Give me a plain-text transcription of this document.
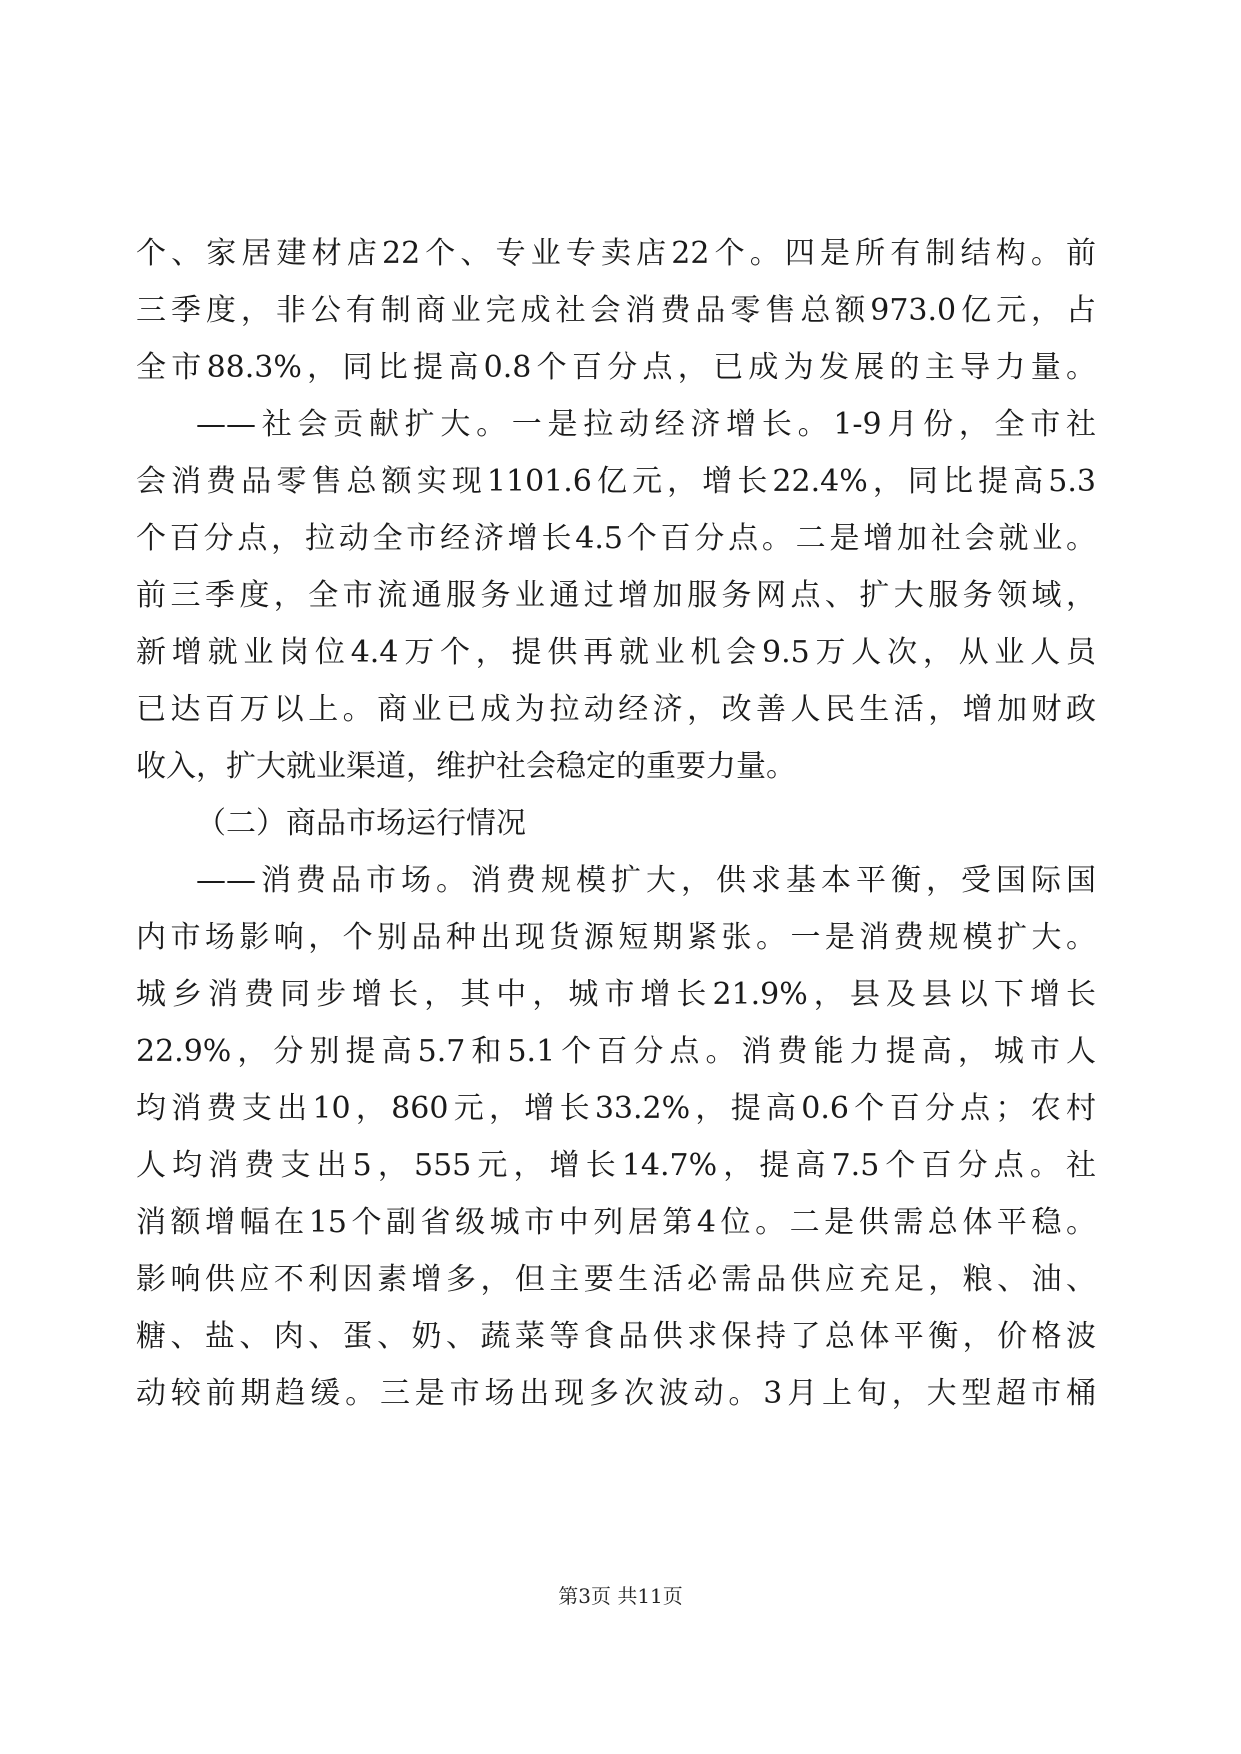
个、家居建材店22个、专业专卖店22个。四是所有制结构。前
三季度，非公有制商业完成社会消费品零售总额973.0亿元，占
全市88.3%，同比提高0.8个百分点，已成为发展的主导力量。
——社会贡献扩大。一是拉动经济增长。1-9月份，全市社
会消费品零售总额实现1101.6亿元，增长22.4%，同比提高5.3
个百分点，拉动全市经济增长4.5个百分点。二是增加社会就业。
前三季度，全市流通服务业通过增加服务网点、扩大服务领域，
新增就业岗位4.4万个，提供再就业机会9.5万人次，从业人员
已达百万以上。商业已成为拉动经济，改善人民生活，增加财政
收入，扩大就业渠道，维护社会稳定的重要力量。
（二）商品市场运行情况
——消费品市场。消费规模扩大，供求基本平衡，受国际国
内市场影响，个别品种出现货源短期紧张。一是消费规模扩大。
城乡消费同步增长，其中，城市增长21.9%，县及县以下增长
22.9%，分别提高5.7和5.1个百分点。消费能力提高，城市人
均消费支出10，860元，增长33.2%，提高0.6个百分点；农村
人均消费支出5，555元，增长14.7%，提高7.5个百分点。社
消额增幅在15个副省级城市中列居第4位。二是供需总体平稳。
影响供应不利因素增多，但主要生活必需品供应充足，粮、油、
糖、盐、肉、蛋、奶、蔬菜等食品供求保持了总体平衡，价格波
动较前期趋缓。三是市场出现多次波动。3月上旬，大型超市桶
第3页 共11页
